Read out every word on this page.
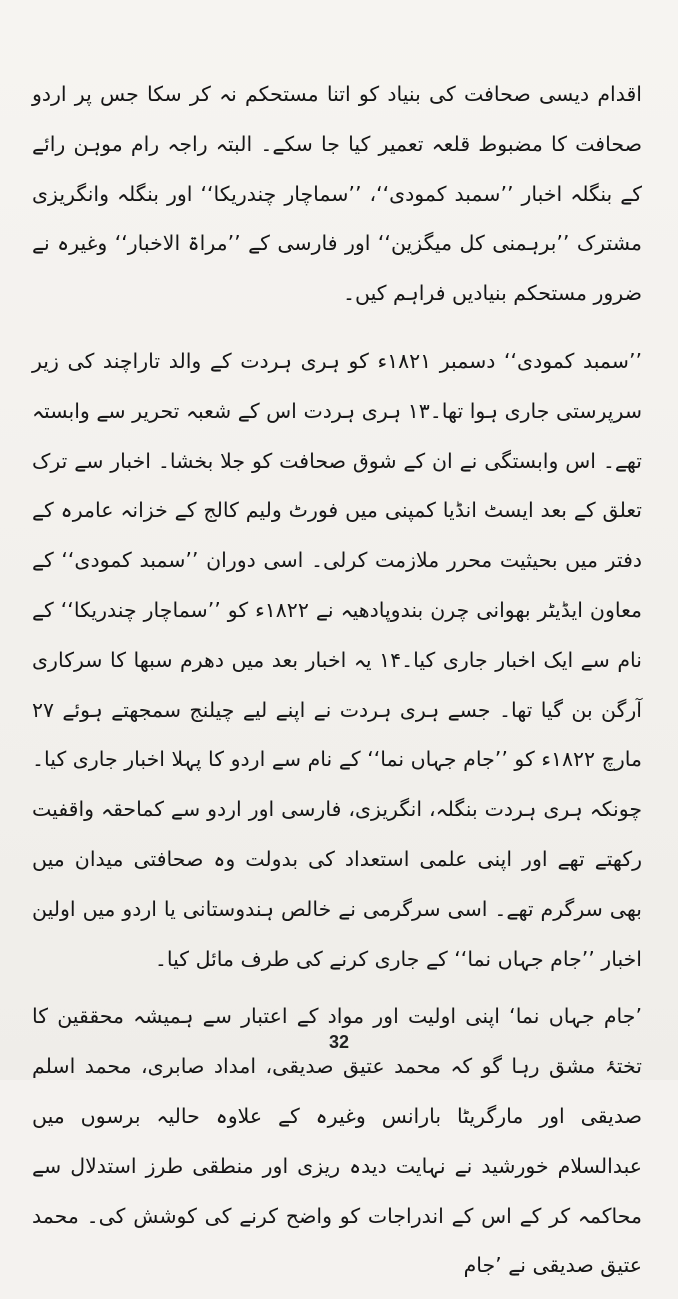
اقدام دیسی صحافت کی بنیاد کو اتنا مستحکم نہ کر سکا جس پر اردو صحافت کا مضبوط قلعہ تعمیر کیا جا سکے۔ البتہ راجہ رام موہن رائے کے بنگلہ اخبار ’’سمبد کمودی‘‘، ’’سماچار چندریکا‘‘ اور بنگلہ وانگریزی مشترک ’’برہمنی کل میگزین‘‘ اور فارسی کے ’’مراۃ الاخبار‘‘ وغیرہ نے ضرور مستحکم بنیادیں فراہم کیں۔

’’سمبد کمودی‘‘ دسمبر ۱۸۲۱ء کو ہری ہردت کے والد تاراچند کی زیر سرپرستی جاری ہوا تھا۔۱۳ ہری ہردت اس کے شعبہ تحریر سے وابستہ تھے۔ اس وابستگی نے ان کے شوق صحافت کو جلا بخشا۔ اخبار سے ترک تعلق کے بعد ایسٹ انڈیا کمپنی میں فورٹ ولیم کالج کے خزانہ عامرہ کے دفتر میں بحیثیت محرر ملازمت کرلی۔ اسی دوران ’’سمبد کمودی‘‘ کے معاون ایڈیٹر بھوانی چرن بندوپادھیہ نے ۱۸۲۲ء کو ’’سماچار چندریکا‘‘ کے نام سے ایک اخبار جاری کیا۔۱۴ یہ اخبار بعد میں دھرم سبھا کا سرکاری آرگن بن گیا تھا۔ جسے ہری ہردت نے اپنے لیے چیلنج سمجھتے ہوئے ۲۷ مارچ ۱۸۲۲ء کو ’’جام جہاں نما‘‘ کے نام سے اردو کا پہلا اخبار جاری کیا۔ چونکہ ہری ہردت بنگلہ، انگریزی، فارسی اور اردو سے کماحقہ واقفیت رکھتے تھے اور اپنی علمی استعداد کی بدولت وہ صحافتی میدان میں بھی سرگرم تھے۔ اسی سرگرمی نے خالص ہندوستانی یا اردو میں اولین اخبار ’’جام جہاں نما‘‘ کے جاری کرنے کی طرف مائل کیا۔

’جام جہاں نما‘ اپنی اولیت اور مواد کے اعتبار سے ہمیشہ محققین کا تختۂ مشق رہا گو کہ محمد عتیق صدیقی، امداد صابری، محمد اسلم صدیقی اور مارگریٹا بارانس وغیرہ کے علاوہ حالیہ برسوں میں عبدالسلام خورشید نے نہایت دیدہ ریزی اور منطقی طرز استدلال سے محاکمہ کر کے اس کے اندراجات کو واضح کرنے کی کوشش کی۔ محمد عتیق صدیقی نے ’جام

32
